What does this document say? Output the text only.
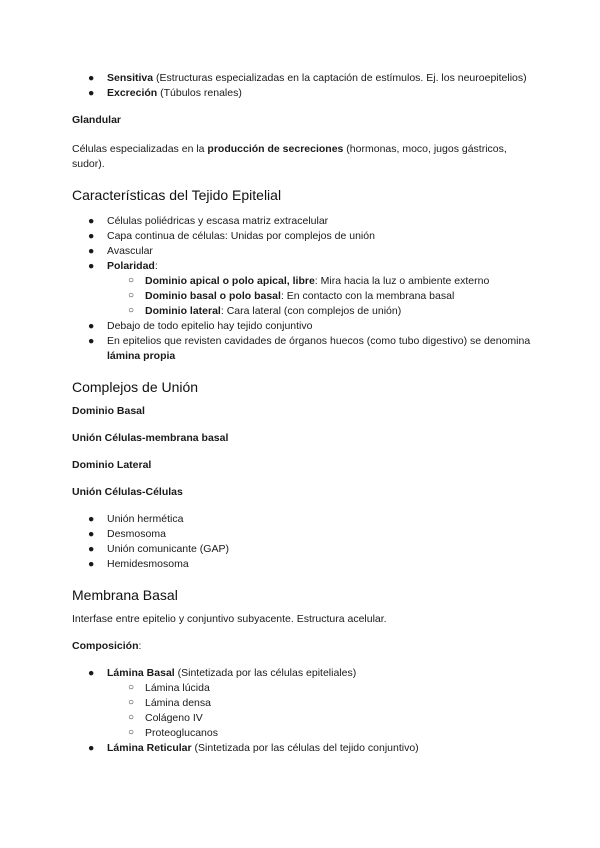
● Sensitiva (Estructuras especializadas en la captación de estímulos. Ej. los neuroepitelios)
● Excreción (Túbulos renales)

Glandular

Células especializadas en la producción de secreciones (hormonas, moco, jugos gástricos, sudor).

Características del Tejido Epitelial
● Células poliédricas y escasa matriz extracelular
● Capa continua de células: Unidas por complejos de unión
● Avascular
● Polaridad:
○ Dominio apical o polo apical, libre: Mira hacia la luz o ambiente externo
○ Dominio basal o polo basal: En contacto con la membrana basal
○ Dominio lateral: Cara lateral (con complejos de unión)
● Debajo de todo epitelio hay tejido conjuntivo
● En epitelios que revisten cavidades de órganos huecos (como tubo digestivo) se denomina lámina propia
Complejos de Unión

Dominio Basal

Unión Células-membrana basal

Dominio Lateral

Unión Células-Células

● Unión hermética
● Desmosoma
● Unión comunicante (GAP)
● Hemidesmosoma
Membrana Basal

Interfase entre epitelio y conjuntivo subyacente. Estructura acelular.

Composición:

● Lámina Basal (Sintetizada por las células epiteliales)
○ Lámina lúcida
○ Lámina densa
○ Colágeno IV
○ Proteoglucanos
● Lámina Reticular (Sintetizada por las células del tejido conjuntivo)
